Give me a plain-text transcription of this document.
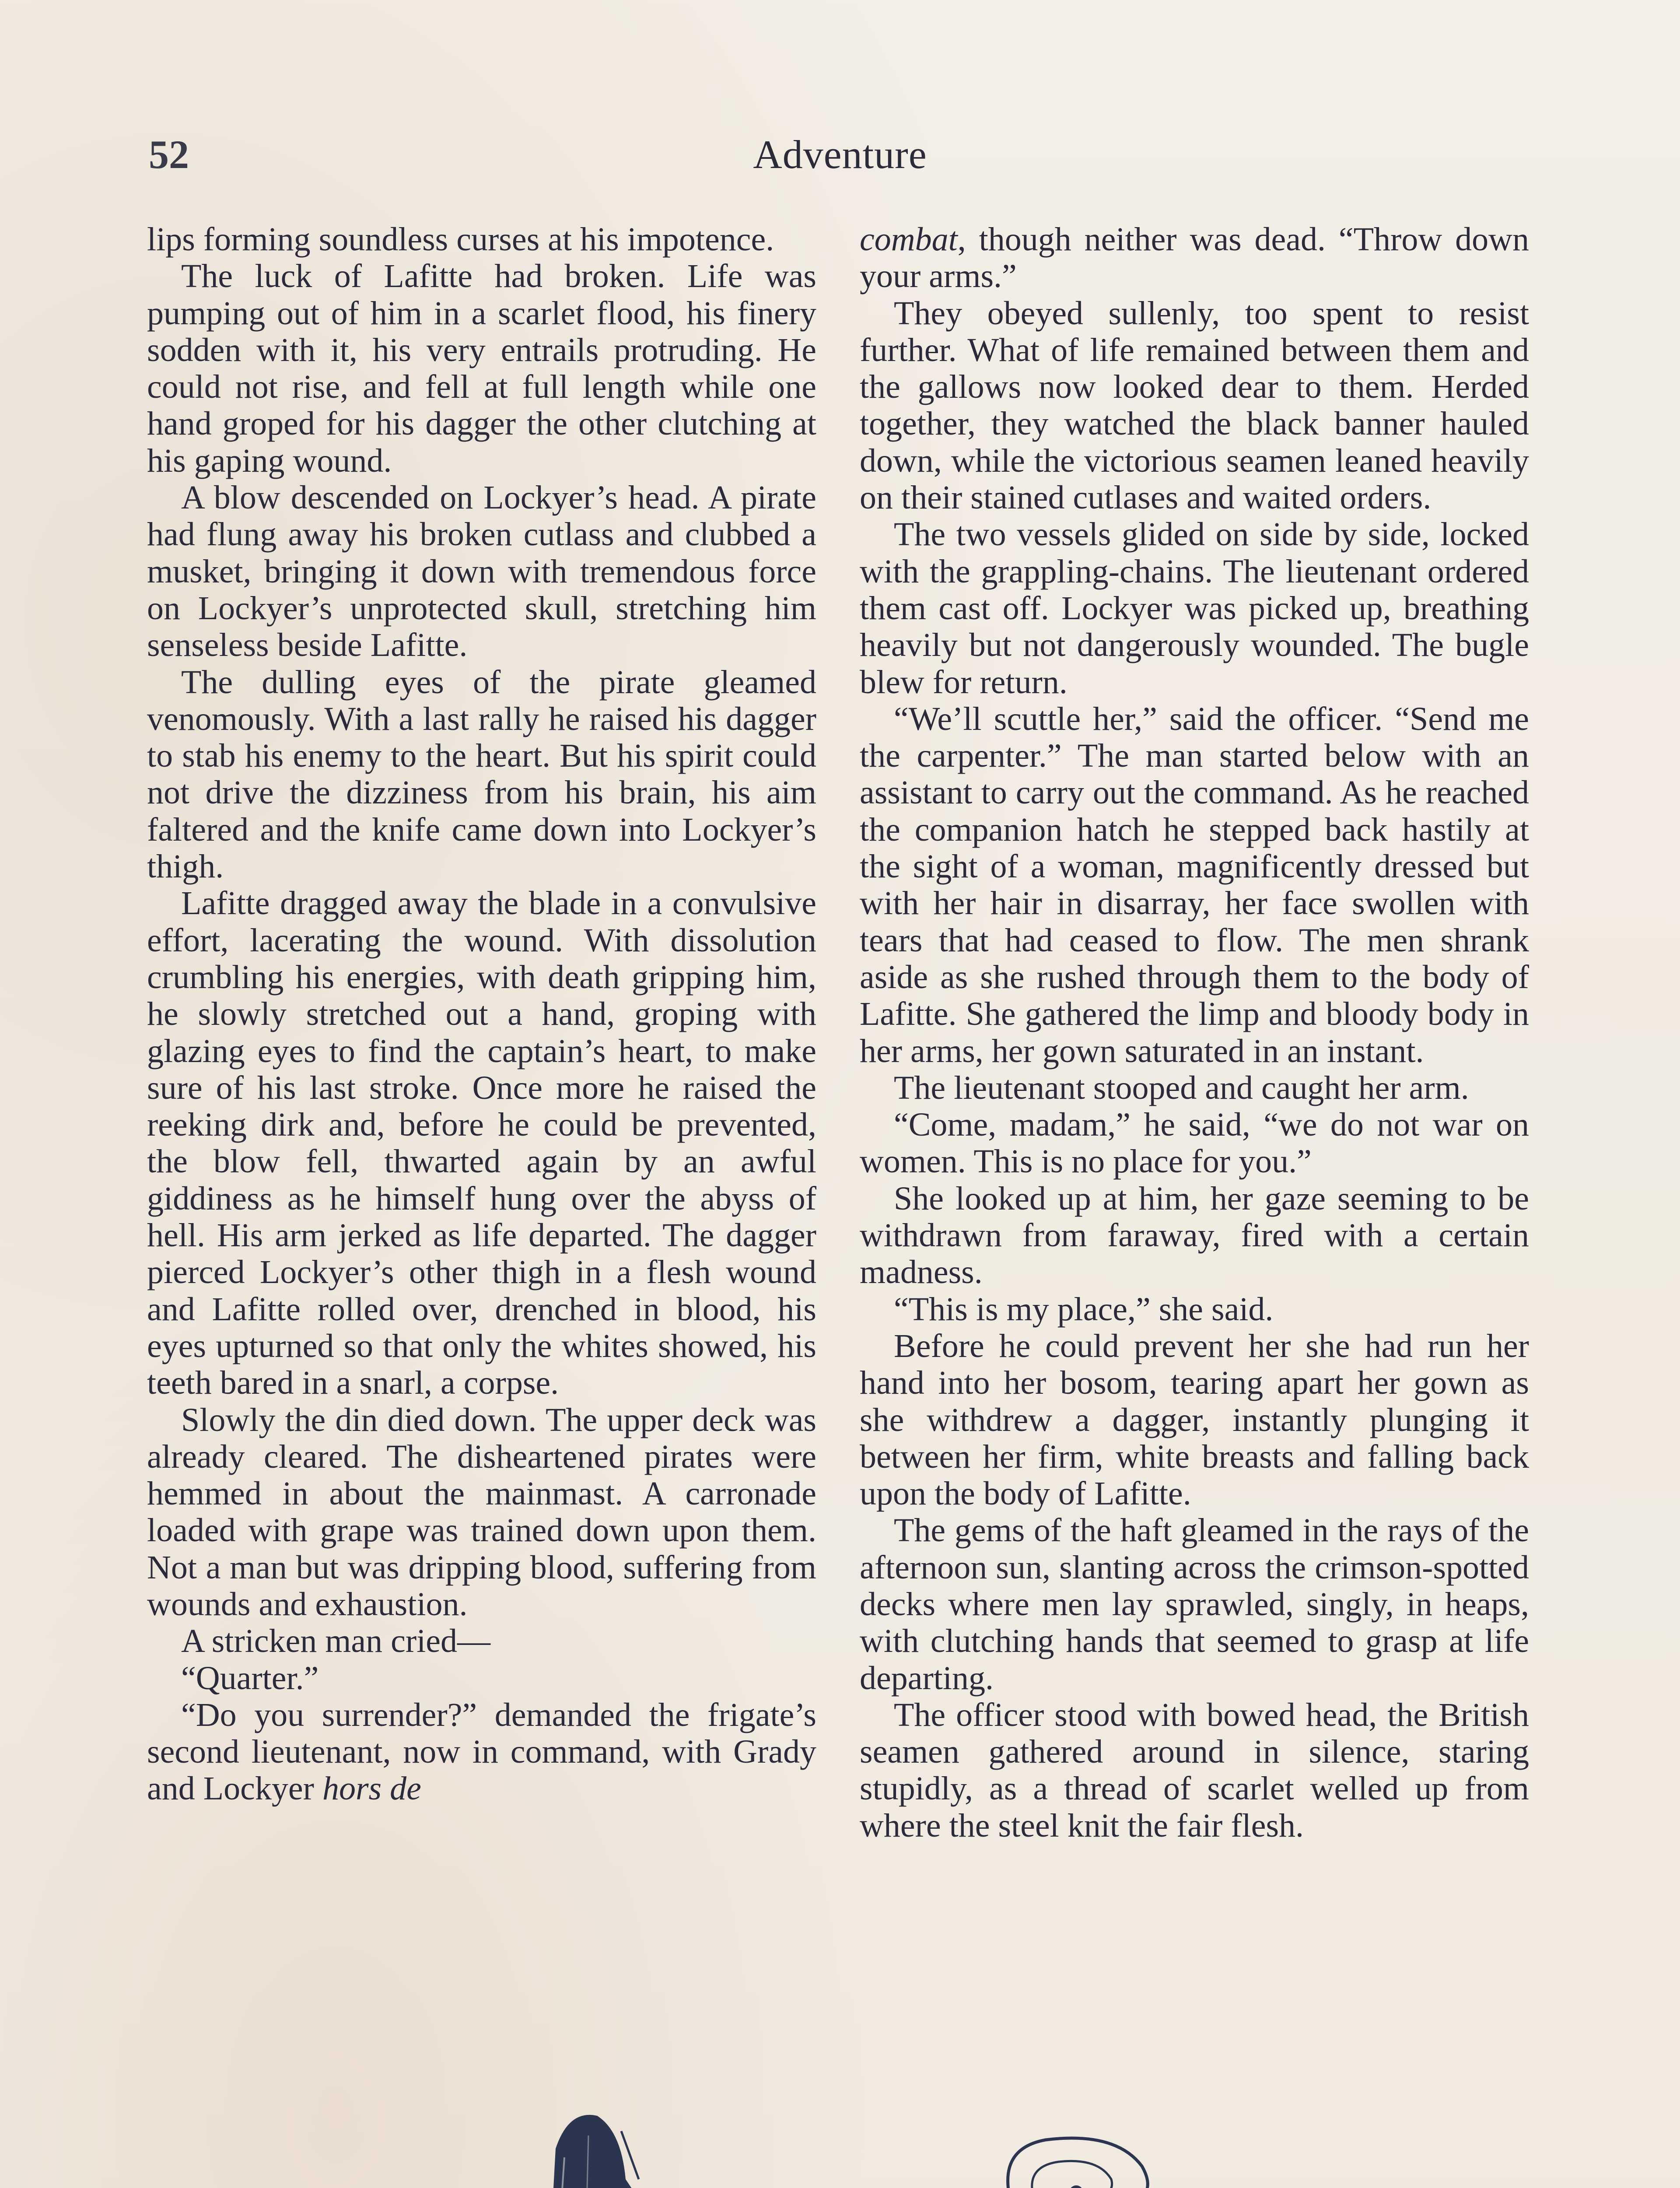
52	Adventure

lips forming soundless curses at his impotence.

The luck of Lafitte had broken. Life was pumping out of him in a scarlet flood, his finery sodden with it, his very entrails protruding. He could not rise, and fell at full length while one hand groped for his dagger the other clutching at his gaping wound.

A blow descended on Lockyer’s head. A pirate had flung away his broken cutlass and clubbed a musket, bringing it down with tremendous force on Lockyer’s unprotected skull, stretching him senseless beside Lafitte.

The dulling eyes of the pirate gleamed venomously. With a last rally he raised his dagger to stab his enemy to the heart. But his spirit could not drive the dizziness from his brain, his aim faltered and the knife came down into Lockyer’s thigh.

Lafitte dragged away the blade in a convulsive effort, lacerating the wound. With dissolution crumbling his energies, with death gripping him, he slowly stretched out a hand, groping with glazing eyes to find the captain’s heart, to make sure of his last stroke. Once more he raised the reeking dirk and, before he could be prevented, the blow fell, thwarted again by an awful giddiness as he himself hung over the abyss of hell. His arm jerked as life departed. The dagger pierced Lockyer’s other thigh in a flesh wound and Lafitte rolled over, drenched in blood, his eyes upturned so that only the whites showed, his teeth bared in a snarl, a corpse.

Slowly the din died down. The upper deck was already cleared. The disheartened pirates were hemmed in about the mainmast. A carronade loaded with grape was trained down upon them. Not a man but was dripping blood, suffering from wounds and exhaustion.

A stricken man cried—

“Quarter.”

“Do you surrender?” demanded the frigate’s second lieutenant, now in command, with Grady and Lockyer hors de

combat, though neither was dead. “Throw down your arms.”

They obeyed sullenly, too spent to resist further. What of life remained between them and the gallows now looked dear to them. Herded together, they watched the black banner hauled down, while the victorious seamen leaned heavily on their stained cutlases and waited orders.

The two vessels glided on side by side, locked with the grappling-chains. The lieutenant ordered them cast off. Lockyer was picked up, breathing heavily but not dangerously wounded. The bugle blew for return.

“We’ll scuttle her,” said the officer. “Send me the carpenter.” The man started below with an assistant to carry out the command. As he reached the companion hatch he stepped back hastily at the sight of a woman, magnificently dressed but with her hair in disarray, her face swollen with tears that had ceased to flow. The men shrank aside as she rushed through them to the body of Lafitte. She gathered the limp and bloody body in her arms, her gown saturated in an instant.

The lieutenant stooped and caught her arm.

“Come, madam,” he said, “we do not war on women. This is no place for you.”

She looked up at him, her gaze seeming to be withdrawn from faraway, fired with a certain madness.

“This is my place,” she said.

Before he could prevent her she had run her hand into her bosom, tearing apart her gown as she withdrew a dagger, instantly plunging it between her firm, white breasts and falling back upon the body of Lafitte.

The gems of the haft gleamed in the rays of the afternoon sun, slanting across the crimson-spotted decks where men lay sprawled, singly, in heaps, with clutching hands that seemed to grasp at life departing.

The officer stood with bowed head, the British seamen gathered around in silence, staring stupidly, as a thread of scarlet welled up from where the steel knit the fair flesh.
